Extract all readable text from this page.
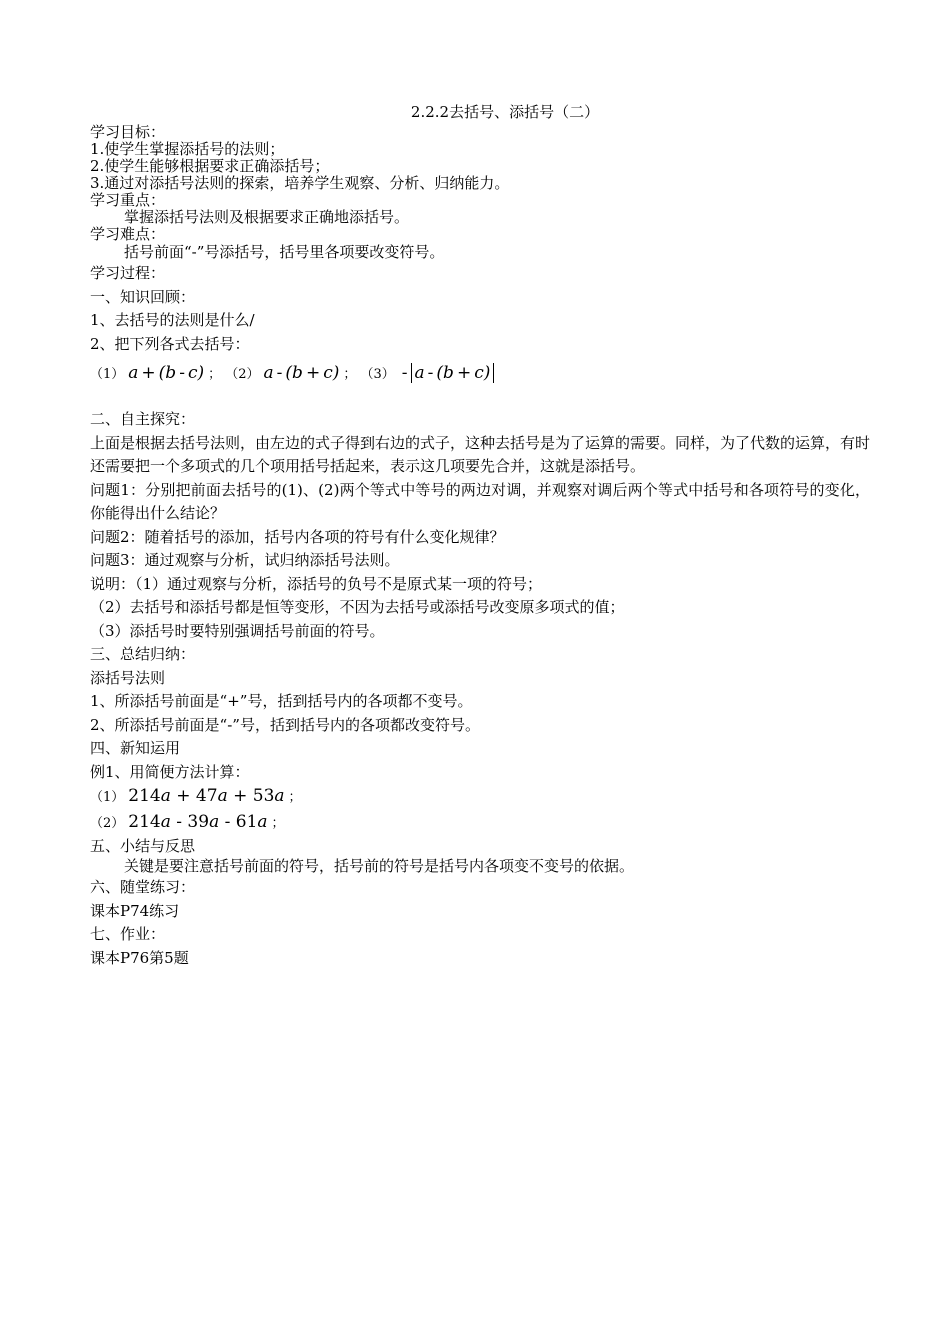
2.2.2去括号、添括号（二）

学习目标：

1.使学生掌握添括号的法则；

2.使学生能够根据要求正确添括号；

3.通过对添括号法则的探索，培养学生观察、分析、归纳能力。

学习重点：

掌握添括号法则及根据要求正确地添括号。

学习难点：

括号前面“-”号添括号，括号里各项要改变符号。

学习过程：

一、知识回顾：

1、去括号的法则是什么/

2、把下列各式去括号：

（1） a + (b - c) ； （2） a - (b + c) ； （3） - a - (b + c)

二、自主探究：

上面是根据去括号法则，由左边的式子得到右边的式子，这种去括号是为了运算的需要。同样，为了代数的运算，有时还需要把一个多项式的几个项用括号括起来，表示这几项要先合并，这就是添括号。

问题1：分别把前面去括号的(1)、(2)两个等式中等号的两边对调，并观察对调后两个等式中括号和各项符号的变化，你能得出什么结论？

问题2：随着括号的添加，括号内各项的符号有什么变化规律？

问题3：通过观察与分析，试归纳添括号法则。

说明：（1）通过观察与分析，添括号的负号不是原式某一项的符号；

（2）去括号和添括号都是恒等变形，不因为去括号或添括号改变原多项式的值；

（3）添括号时要特别强调括号前面的符号。

三、总结归纳：

添括号法则

1、所添括号前面是“+”号，括到括号内的各项都不变号。

2、所添括号前面是“-”号，括到括号内的各项都改变符号。

四、新知运用

例1、用简便方法计算：

（1） 214a + 47a + 53a ；

（2） 214a - 39a - 61a ；

五、小结与反思

关键是要注意括号前面的符号，括号前的符号是括号内各项变不变号的依据。

六、随堂练习：

课本P74练习

七、作业：

课本P76第5题
